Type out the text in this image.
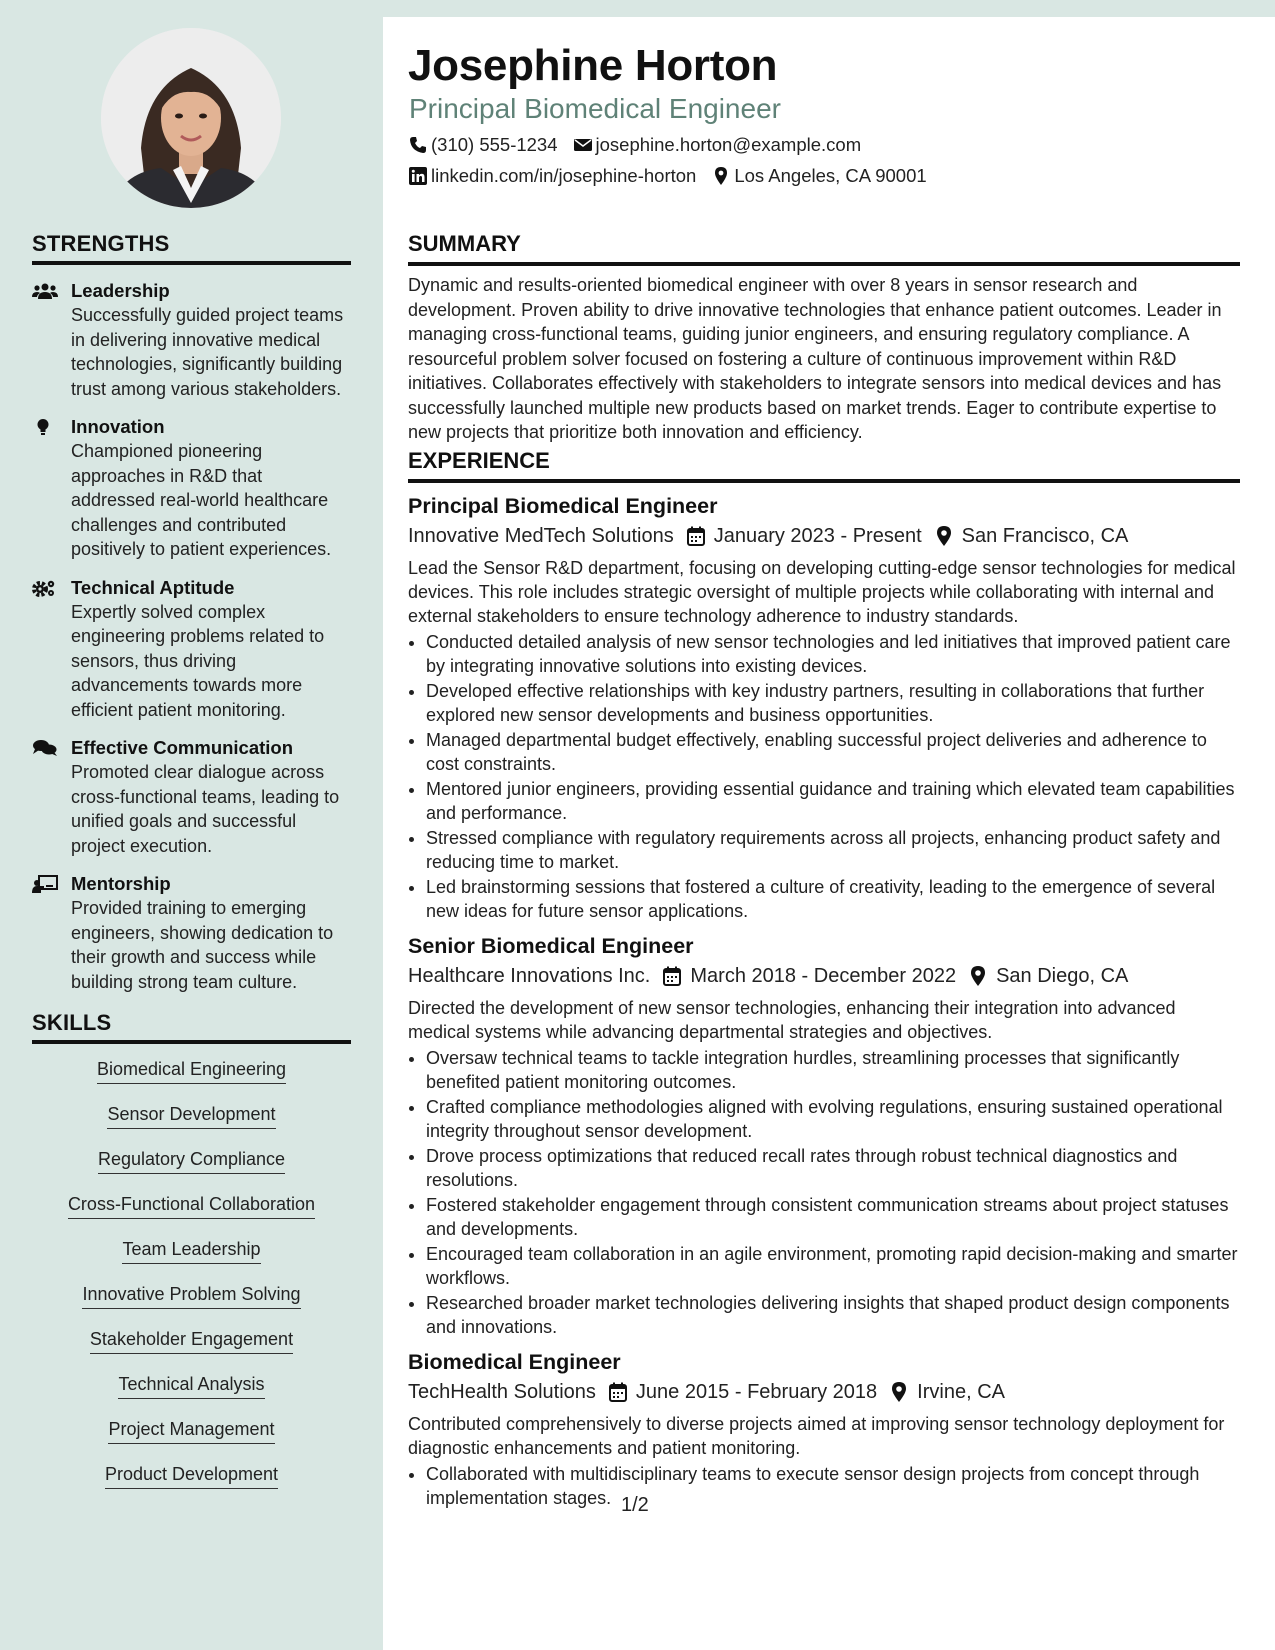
STRENGTHS
Leadership
Successfully guided project teams in delivering innovative medical technologies, significantly building trust among various stakeholders.
Innovation
Championed pioneering approaches in R&D that addressed real-world healthcare challenges and contributed positively to patient experiences.
Technical Aptitude
Expertly solved complex engineering problems related to sensors, thus driving advancements towards more efficient patient monitoring.
Effective Communication
Promoted clear dialogue across cross-functional teams, leading to unified goals and successful project execution.
Mentorship
Provided training to emerging engineers, showing dedication to their growth and success while building strong team culture.
SKILLS
Biomedical Engineering
Sensor Development
Regulatory Compliance
Cross-Functional Collaboration
Team Leadership
Innovative Problem Solving
Stakeholder Engagement
Technical Analysis
Project Management
Product Development
Josephine Horton
Principal Biomedical Engineer
(310) 555-1234 josephine.horton@example.com
linkedin.com/in/josephine-horton Los Angeles, CA 90001
SUMMARY
Dynamic and results-oriented biomedical engineer with over 8 years in sensor research and development. Proven ability to drive innovative technologies that enhance patient outcomes. Leader in managing cross-functional teams, guiding junior engineers, and ensuring regulatory compliance. A resourceful problem solver focused on fostering a culture of continuous improvement within R&D initiatives. Collaborates effectively with stakeholders to integrate sensors into medical devices and has successfully launched multiple new products based on market trends. Eager to contribute expertise to new projects that prioritize both innovation and efficiency.
EXPERIENCE
Principal Biomedical Engineer
Innovative MedTech Solutions January 2023 - Present San Francisco, CA
Lead the Sensor R&D department, focusing on developing cutting-edge sensor technologies for medical devices. This role includes strategic oversight of multiple projects while collaborating with internal and external stakeholders to ensure technology adherence to industry standards.
• Conducted detailed analysis of new sensor technologies and led initiatives that improved patient care by integrating innovative solutions into existing devices.
• Developed effective relationships with key industry partners, resulting in collaborations that further explored new sensor developments and business opportunities.
• Managed departmental budget effectively, enabling successful project deliveries and adherence to cost constraints.
• Mentored junior engineers, providing essential guidance and training which elevated team capabilities and performance.
• Stressed compliance with regulatory requirements across all projects, enhancing product safety and reducing time to market.
• Led brainstorming sessions that fostered a culture of creativity, leading to the emergence of several new ideas for future sensor applications.
Senior Biomedical Engineer
Healthcare Innovations Inc. March 2018 - December 2022 San Diego, CA
Directed the development of new sensor technologies, enhancing their integration into advanced medical systems while advancing departmental strategies and objectives.
• Oversaw technical teams to tackle integration hurdles, streamlining processes that significantly benefited patient monitoring outcomes.
• Crafted compliance methodologies aligned with evolving regulations, ensuring sustained operational integrity throughout sensor development.
• Drove process optimizations that reduced recall rates through robust technical diagnostics and resolutions.
• Fostered stakeholder engagement through consistent communication streams about project statuses and developments.
• Encouraged team collaboration in an agile environment, promoting rapid decision-making and smarter workflows.
• Researched broader market technologies delivering insights that shaped product design components and innovations.
Biomedical Engineer
TechHealth Solutions June 2015 - February 2018 Irvine, CA
Contributed comprehensively to diverse projects aimed at improving sensor technology deployment for diagnostic enhancements and patient monitoring.
• Collaborated with multidisciplinary teams to execute sensor design projects from concept through implementation stages. 1/2
